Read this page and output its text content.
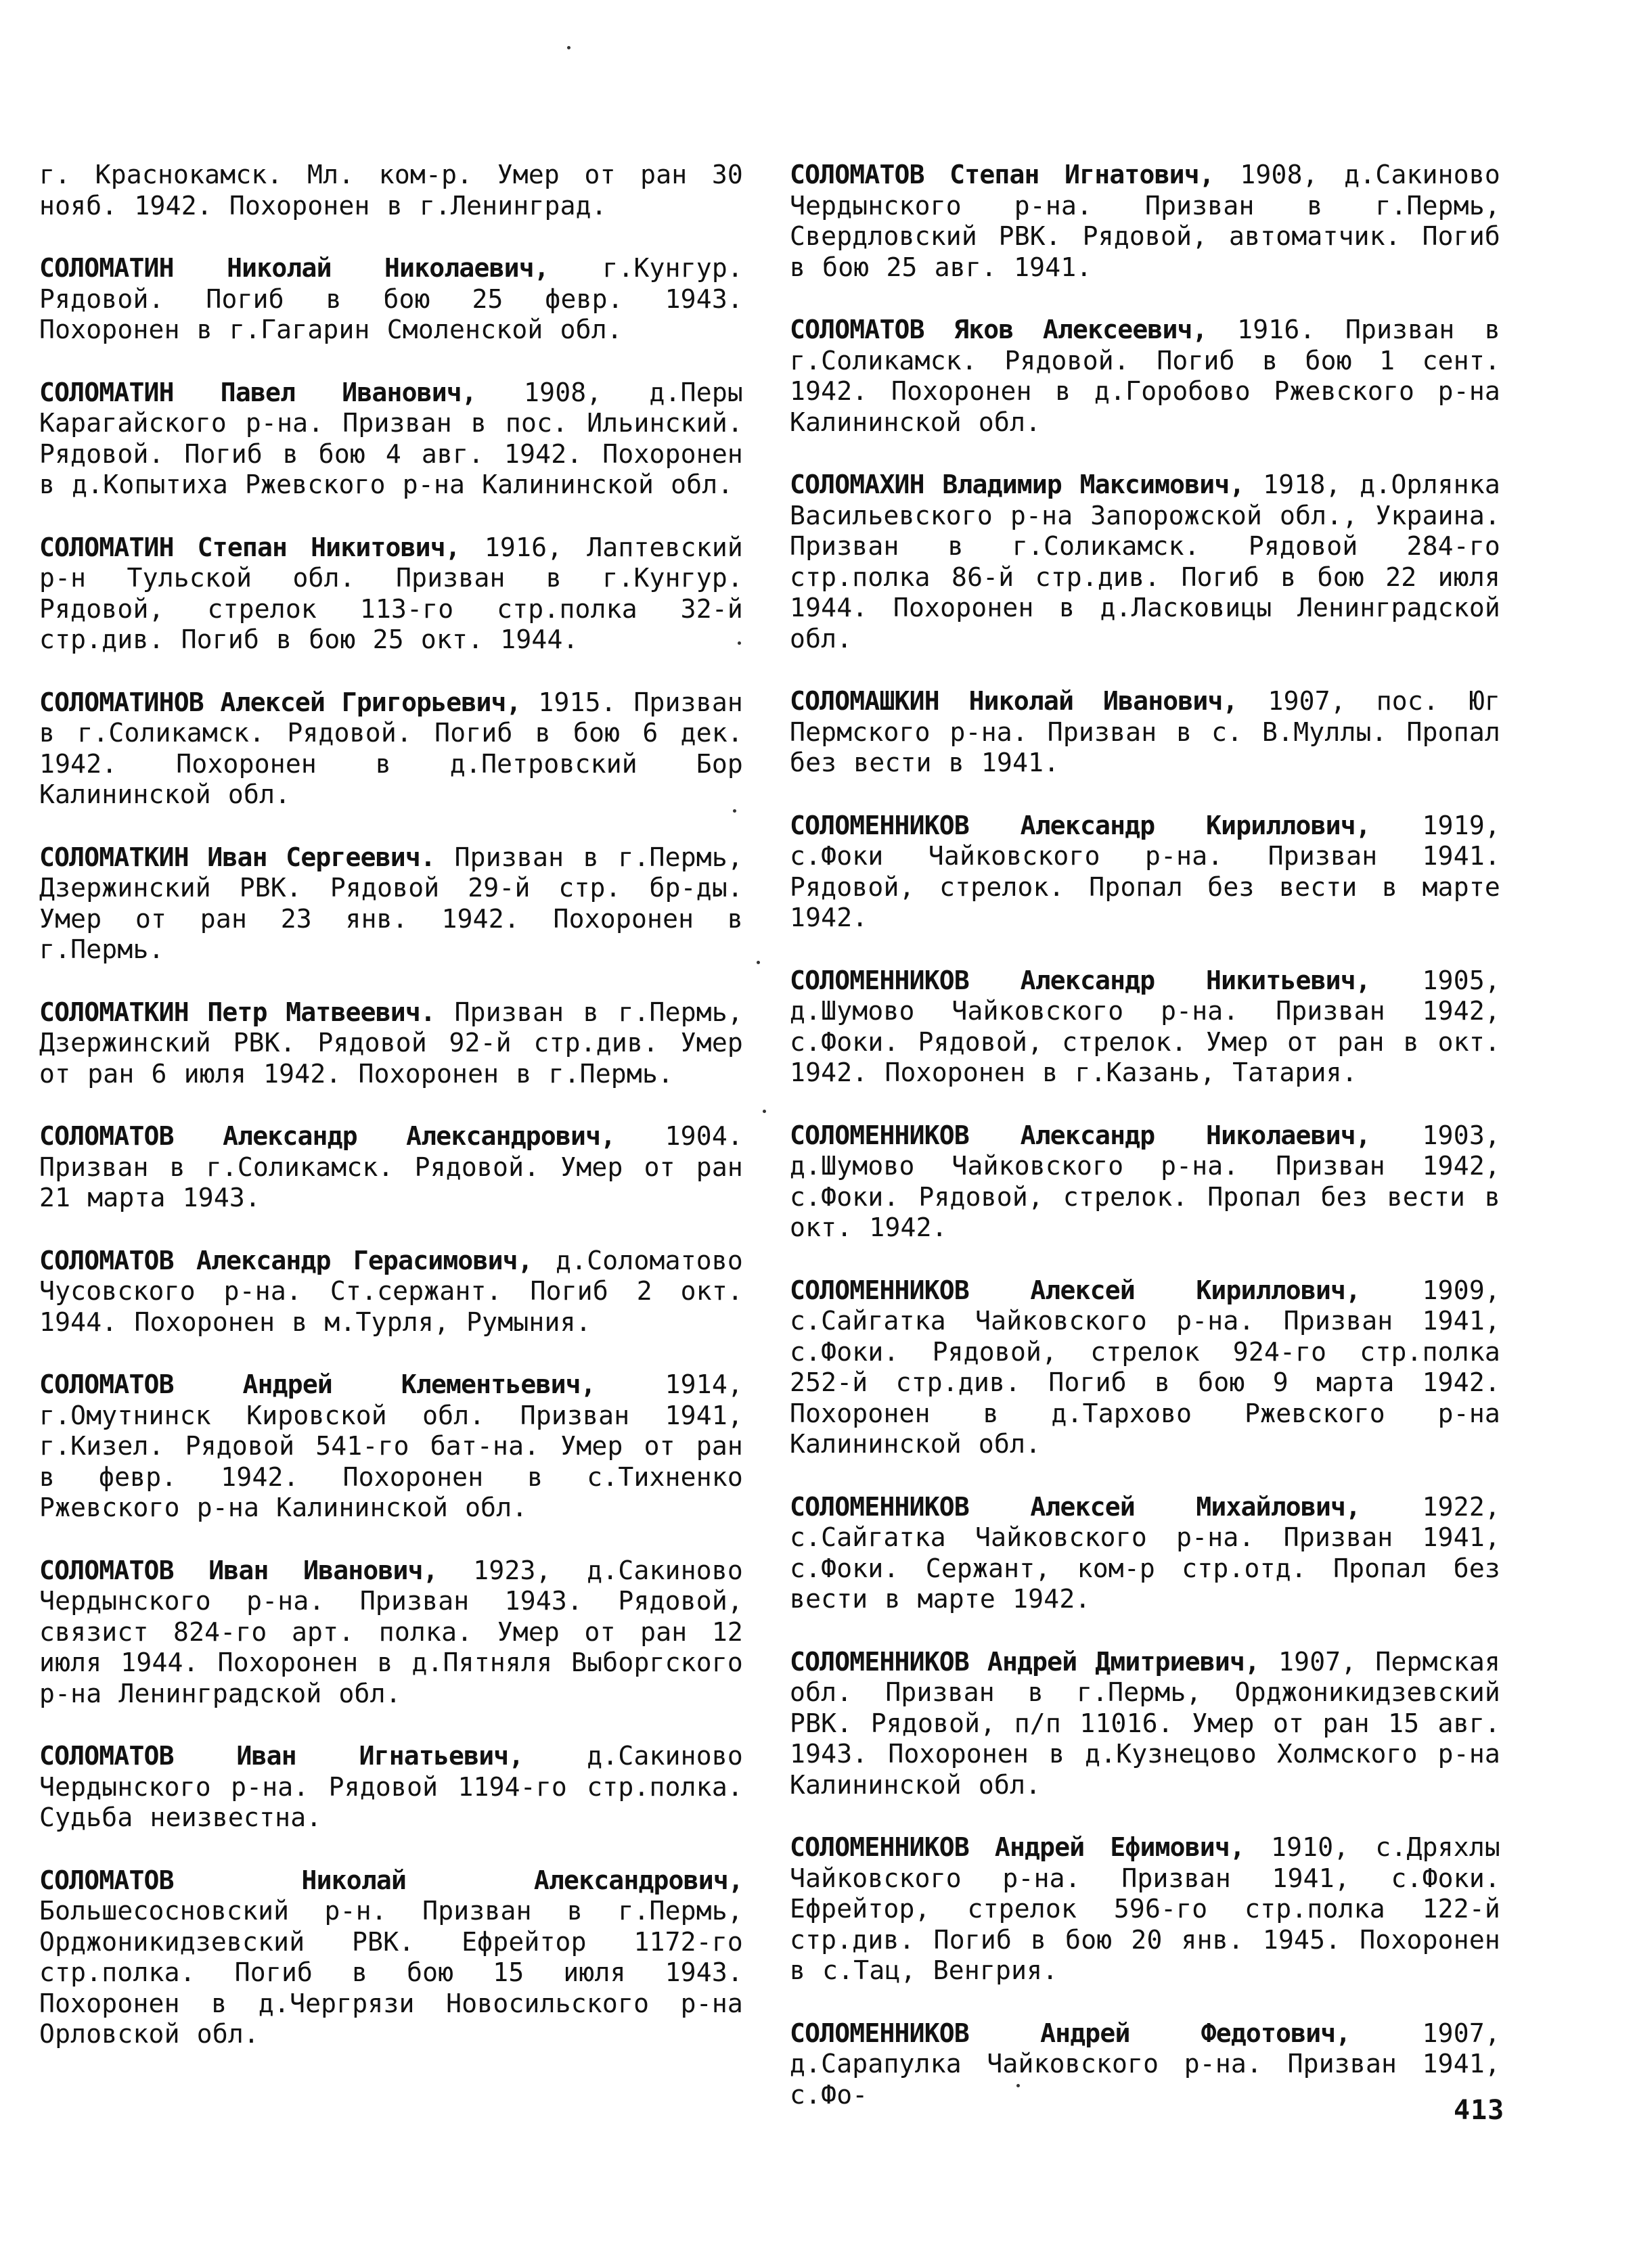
г. Краснокамск. Мл. ком-р. Умер от ран 30 нояб. 1942. Похоронен в г.Ленинград.

СОЛОМАТИН Николай Николаевич, г.Кунгур. Рядовой. Погиб в бою 25 февр. 1943. Похоронен в г.Гагарин Смоленской обл.

СОЛОМАТИН Павел Иванович, 1908, д.Перы Карагайского р-на. Призван в пос. Ильинский. Рядовой. Погиб в бою 4 авг. 1942. Похоронен в д.Копытиха Ржевского р-на Калининской обл.

СОЛОМАТИН Степан Никитович, 1916, Лаптевский р-н Тульской обл. Призван в г.Кунгур. Рядовой, стрелок 113-го стр.полка 32-й стр.див. Погиб в бою 25 окт. 1944.

СОЛОМАТИНОВ Алексей Григорьевич, 1915. Призван в г.Соликамск. Рядовой. Погиб в бою 6 дек. 1942. Похоронен в д.Петровский Бор Калининской обл.

СОЛОМАТКИН Иван Сергеевич. Призван в г.Пермь, Дзержинский РВК. Рядовой 29-й стр. бр-ды. Умер от ран 23 янв. 1942. Похоронен в г.Пермь.

СОЛОМАТКИН Петр Матвеевич. Призван в г.Пермь, Дзержинский РВК. Рядовой 92-й стр.див. Умер от ран 6 июля 1942. Похоронен в г.Пермь.

СОЛОМАТОВ Александр Александрович, 1904. Призван в г.Соликамск. Рядовой. Умер от ран 21 марта 1943.

СОЛОМАТОВ Александр Герасимович, д.Соломатово Чусовского р-на. Ст.сержант. Погиб 2 окт. 1944. Похоронен в м.Турля, Румыния.

СОЛОМАТОВ Андрей Клементьевич, 1914, г.Омутнинск Кировской обл. Призван 1941, г.Кизел. Рядовой 541-го бат-на. Умер от ран в февр. 1942. Похоронен в с.Тихненко Ржевского р-на Калининской обл.

СОЛОМАТОВ Иван Иванович, 1923, д.Сакиново Чердынского р-на. Призван 1943. Рядовой, связист 824-го арт. полка. Умер от ран 12 июля 1944. Похоронен в д.Пятняля Выборгского р-на Ленинградской обл.

СОЛОМАТОВ Иван Игнатьевич, д.Сакиново Чердынского р-на. Рядовой 1194-го стр.полка. Судьба неизвестна.

СОЛОМАТОВ Николай Александрович, Большесосновский р-н. Призван в г.Пермь, Орджоникидзевский РВК. Ефрейтор 1172-го стр.полка. Погиб в бою 15 июля 1943. Похоронен в д.Чергрязи Новосильского р-на Орловской обл.

СОЛОМАТОВ Степан Игнатович, 1908, д.Сакиново Чердынского р-на. Призван в г.Пермь, Свердловский РВК. Рядовой, автоматчик. Погиб в бою 25 авг. 1941.

СОЛОМАТОВ Яков Алексеевич, 1916. Призван в г.Соликамск. Рядовой. Погиб в бою 1 сент. 1942. Похоронен в д.Горобово Ржевского р-на Калининской обл.

СОЛОМАХИН Владимир Максимович, 1918, д.Орлянка Васильевского р-на Запорожской обл., Украина. Призван в г.Соликамск. Рядовой 284-го стр.полка 86-й стр.див. Погиб в бою 22 июля 1944. Похоронен в д.Ласковицы Ленинградской обл.

СОЛОМАШКИН Николай Иванович, 1907, пос. Юг Пермского р-на. Призван в с. В.Муллы. Пропал без вести в 1941.

СОЛОМЕННИКОВ Александр Кириллович, 1919, с.Фоки Чайковского р-на. Призван 1941. Рядовой, стрелок. Пропал без вести в марте 1942.

СОЛОМЕННИКОВ Александр Никитьевич, 1905, д.Шумово Чайковского р-на. Призван 1942, с.Фоки. Рядовой, стрелок. Умер от ран в окт. 1942. Похоронен в г.Казань, Татария.

СОЛОМЕННИКОВ Александр Николаевич, 1903, д.Шумово Чайковского р-на. Призван 1942, с.Фоки. Рядовой, стрелок. Пропал без вести в окт. 1942.

СОЛОМЕННИКОВ Алексей Кириллович, 1909, с.Сайгатка Чайковского р-на. Призван 1941, с.Фоки. Рядовой, стрелок 924-го стр.полка 252-й стр.див. Погиб в бою 9 марта 1942. Похоронен в д.Тархово Ржевского р-на Калининской обл.

СОЛОМЕННИКОВ Алексей Михайлович, 1922, с.Сайгатка Чайковского р-на. Призван 1941, с.Фоки. Сержант, ком-р стр.отд. Пропал без вести в марте 1942.

СОЛОМЕННИКОВ Андрей Дмитриевич, 1907, Пермская обл. Призван в г.Пермь, Орджоникидзевский РВК. Рядовой, п/п 11016. Умер от ран 15 авг. 1943. Похоронен в д.Кузнецово Холмского р-на Калининской обл.

СОЛОМЕННИКОВ Андрей Ефимович, 1910, с.Дряхлы Чайковского р-на. Призван 1941, с.Фоки. Ефрейтор, стрелок 596-го стр.полка 122-й стр.див. Погиб в бою 20 янв. 1945. Похоронен в с.Тац, Венгрия.

СОЛОМЕННИКОВ Андрей Федотович, 1907, д.Сарапулка Чайковского р-на. Призван 1941, с.Фо-

413
